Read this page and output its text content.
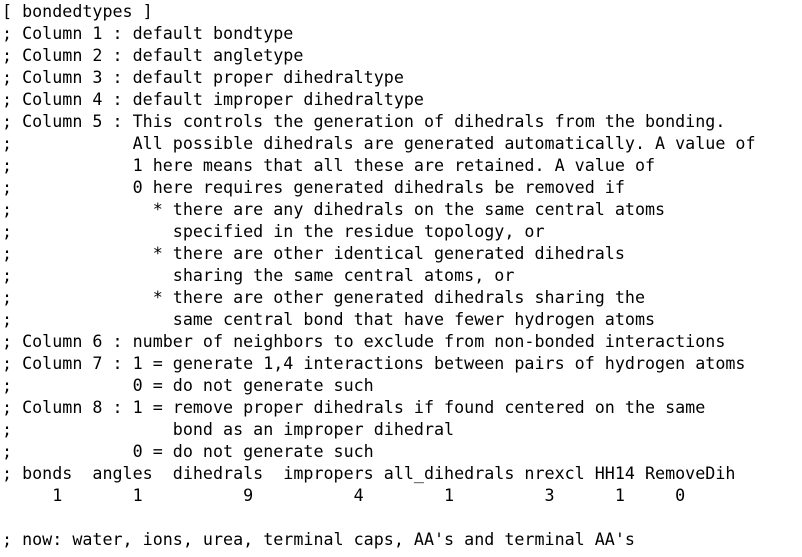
[ bondedtypes ]
; Column 1 : default bondtype
; Column 2 : default angletype
; Column 3 : default proper dihedraltype
; Column 4 : default improper dihedraltype
; Column 5 : This controls the generation of dihedrals from the bonding.
;            All possible dihedrals are generated automatically. A value of
;            1 here means that all these are retained. A value of
;            0 here requires generated dihedrals be removed if
;              * there are any dihedrals on the same central atoms
;                specified in the residue topology, or
;              * there are other identical generated dihedrals
;                sharing the same central atoms, or
;              * there are other generated dihedrals sharing the
;                same central bond that have fewer hydrogen atoms
; Column 6 : number of neighbors to exclude from non-bonded interactions
; Column 7 : 1 = generate 1,4 interactions between pairs of hydrogen atoms
;            0 = do not generate such
; Column 8 : 1 = remove proper dihedrals if found centered on the same
;                bond as an improper dihedral
;            0 = do not generate such
; bonds  angles  dihedrals  impropers all_dihedrals nrexcl HH14 RemoveDih
1       1          9          4        1         3      1     0
; now: water, ions, urea, terminal caps, AA's and terminal AA's
